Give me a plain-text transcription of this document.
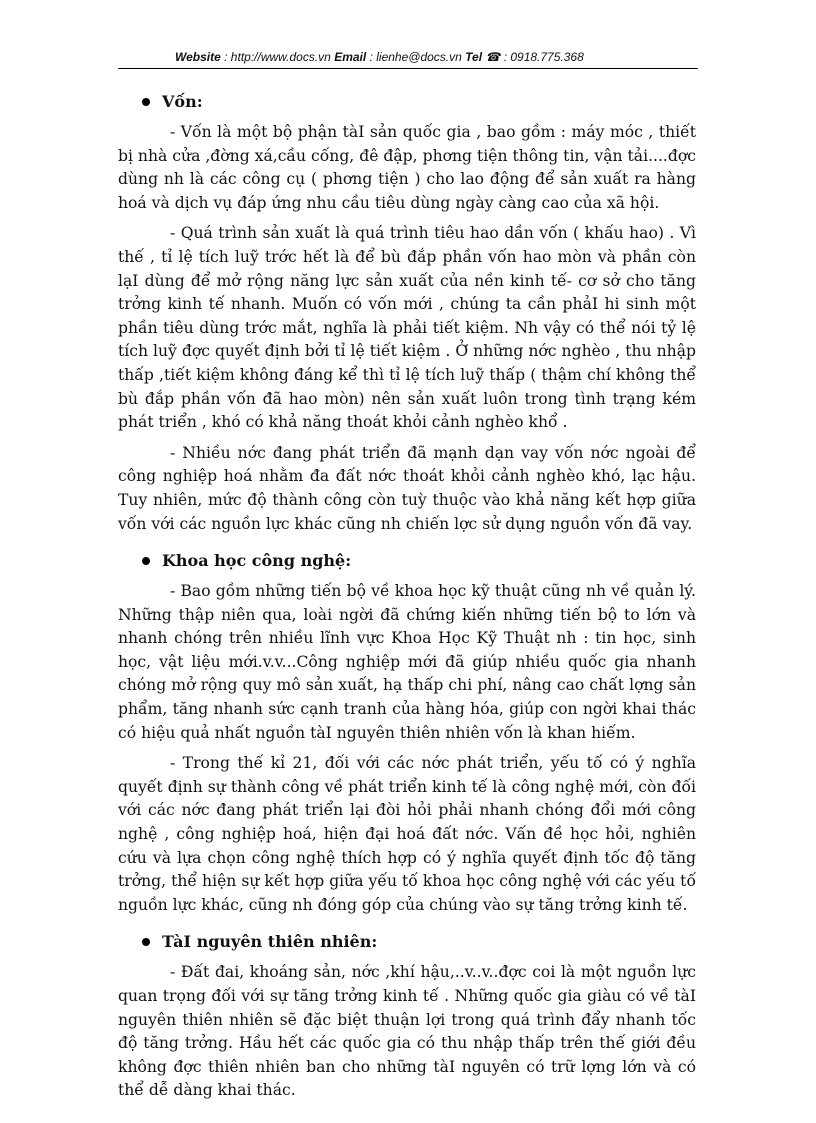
Website : http://www.docs.vn Email : lienhe@docs.vn Tel ☎ : 0918.775.368
Vốn:

- Vốn là một bộ phận tàI sản quốc gia , bao gồm : máy móc , thiết bị nhà cửa ,đờng xá,cầu cống, đê đập, phơng tiện thông tin, vận tải....đợc dùng nh là các công cụ ( phơng tiện ) cho lao động để sản xuất ra hàng hoá và dịch vụ đáp ứng nhu cầu tiêu dùng ngày càng cao của xã hội.

- Quá trình sản xuất là quá trình tiêu hao dần vốn ( khấu hao) . Vì thế , tỉ lệ tích luỹ trớc hết là để bù đắp phần vốn hao mòn và phần còn lạI dùng để mở rộng năng lực sản xuất của nền kinh tế- cơ sở cho tăng trởng kinh tế nhanh. Muốn có vốn mới , chúng ta cần phảI hi sinh một phần tiêu dùng trớc mắt, nghĩa là phải tiết kiệm. Nh vậy có thể nói tỷ lệ tích luỹ đợc quyết định bởi tỉ lệ tiết kiệm . Ở những nớc nghèo , thu nhập thấp ,tiết kiệm không đáng kể thì tỉ lệ tích luỹ thấp ( thậm chí không thể bù đắp phần vốn đã hao mòn) nên sản xuất luôn trong tình trạng kém phát triển , khó có khả năng thoát khỏi cảnh nghèo khổ .

- Nhiều nớc đang phát triển đã mạnh dạn vay vốn nớc ngoài để công nghiệp hoá nhằm đa đất nớc thoát khỏi cảnh nghèo khó, lạc hậu. Tuy nhiên, mức độ thành công còn tuỳ thuộc vào khả năng kết hợp giữa vốn với các nguồn lực khác cũng nh chiến lợc sử dụng nguồn vốn đã vay.

Khoa học công nghệ:

- Bao gồm những tiến bộ về khoa học kỹ thuật cũng nh về quản lý. Những thập niên qua, loài ngời đã chứng kiến những tiến bộ to lớn và nhanh chóng trên nhiều lĩnh vực Khoa Học Kỹ Thuật nh : tin học, sinh học, vật liệu mới.v.v...Công nghiệp mới đã giúp nhiều quốc gia nhanh chóng mở rộng quy mô sản xuất, hạ thấp chi phí, nâng cao chất lợng sản phẩm, tăng nhanh sức cạnh tranh của hàng hóa, giúp con ngời khai thác có hiệu quả nhất nguồn tàI nguyên thiên nhiên vốn là khan hiếm.

- Trong thế kỉ 21, đối với các nớc phát triển, yếu tố có ý nghĩa quyết định sự thành công về phát triển kinh tế là công nghệ mới, còn đối với các nớc đang phát triển lại đòi hỏi phải nhanh chóng đổi mới công nghệ , công nghiệp hoá, hiện đại hoá đất nớc. Vấn đề học hỏi, nghiên cứu và lựa chọn công nghệ thích hợp có ý nghĩa quyết định tốc độ tăng trởng, thể hiện sự kết hợp giữa yếu tố khoa học công nghệ với các yếu tố nguồn lực khác, cũng nh đóng góp của chúng vào sự tăng trởng kinh tế.

TàI nguyên thiên nhiên:

- Đất đai, khoáng sản, nớc ,khí hậu,..v..v..đợc coi là một nguồn lực quan trọng đối với sự tăng trởng kinh tế . Những quốc gia giàu có về tàI nguyên thiên nhiên sẽ đặc biệt thuận lợi trong quá trình đẩy nhanh tốc độ tăng trởng. Hầu hết các quốc gia có thu nhập thấp trên thế giới đều không đợc thiên nhiên ban cho những tàI nguyên có trữ lợng lớn và có thể dễ dàng khai thác.
